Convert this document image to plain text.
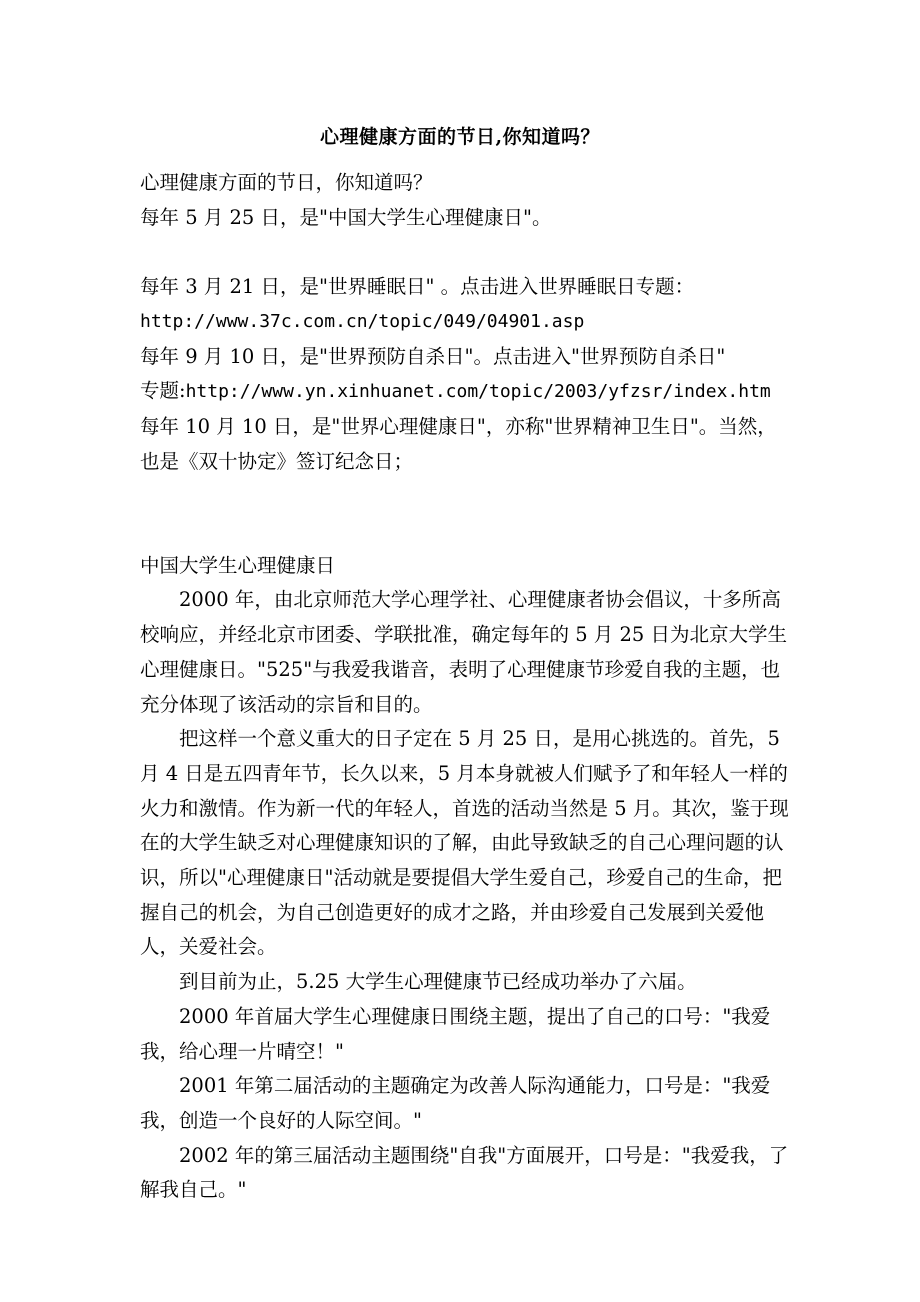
心理健康方面的节日,你知道吗？

心理健康方面的节日，你知道吗？

每年 5 月 25 日，是"中国大学生心理健康日"。

每年 3 月 21 日，是"世界睡眠日" 。点击进入世界睡眠日专题：

http://www.37c.com.cn/topic/049/04901.asp

每年 9 月 10 日，是"世界预防自杀日"。点击进入"世界预防自杀日"

专题:http://www.yn.xinhuanet.com/topic/2003/yfzsr/index.htm

每年 10 月 10 日，是"世界心理健康日"，亦称"世界精神卫生日"。当然，也是《双十协定》签订纪念日；

中国大学生心理健康日

2000 年，由北京师范大学心理学社、心理健康者协会倡议，十多所高校响应，并经北京市团委、学联批准，确定每年的 5 月 25 日为北京大学生心理健康日。"525"与我爱我谐音，表明了心理健康节珍爱自我的主题，也充分体现了该活动的宗旨和目的。

把这样一个意义重大的日子定在 5 月 25 日，是用心挑选的。首先，5 月 4 日是五四青年节，长久以来，5 月本身就被人们赋予了和年轻人一样的火力和激情。作为新一代的年轻人，首选的活动当然是 5 月。其次，鉴于现在的大学生缺乏对心理健康知识的了解，由此导致缺乏的自己心理问题的认识，所以"心理健康日"活动就是要提倡大学生爱自己，珍爱自己的生命，把握自己的机会，为自己创造更好的成才之路，并由珍爱自己发展到关爱他人，关爱社会。

到目前为止，5.25 大学生心理健康节已经成功举办了六届。

2000 年首届大学生心理健康日围绕主题，提出了自己的口号："我爱我，给心理一片晴空！"

2001 年第二届活动的主题确定为改善人际沟通能力，口号是："我爱我，创造一个良好的人际空间。"

2002 年的第三届活动主题围绕"自我"方面展开，口号是："我爱我，了解我自己。"
